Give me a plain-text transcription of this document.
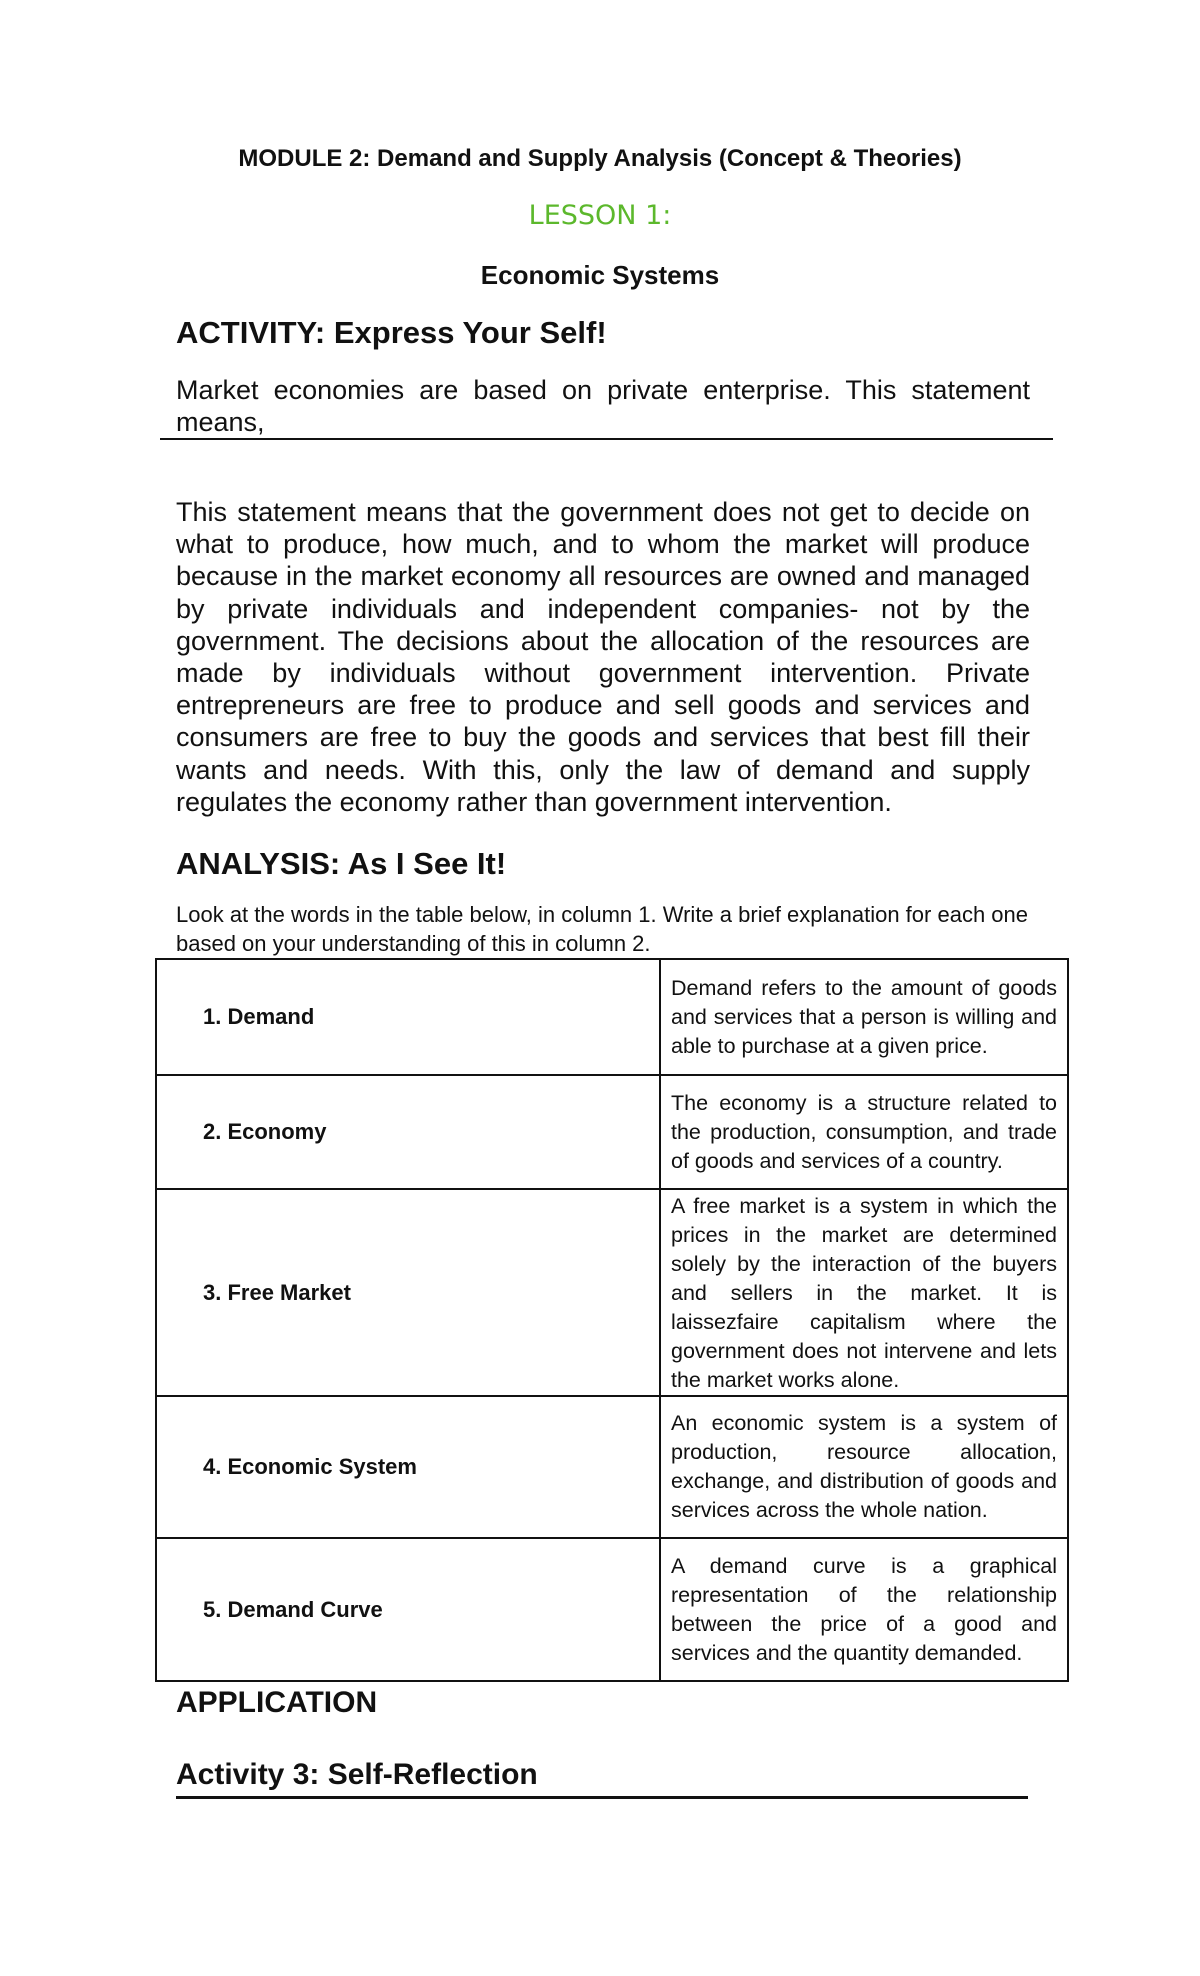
MODULE 2: Demand and Supply Analysis (Concept & Theories)
LESSON 1:
Economic Systems
ACTIVITY: Express Your Self!
Market economies are based on private enterprise. This statement means,
This statement means that the government does not get to decide on what to produce, how much, and to whom the market will produce because in the market economy all resources are owned and managed by private individuals and independent companies- not by the government. The decisions about the allocation of the resources are made by individuals without government intervention. Private entrepreneurs are free to produce and sell goods and services and consumers are free to buy the goods and services that best fill their wants and needs. With this, only the law of demand and supply regulates the economy rather than government intervention.
ANALYSIS: As I See It!
Look at the words in the table below, in column 1. Write a brief explanation for each one based on your understanding of this in column 2.
1. Demand	Demand refers to the amount of goods and services that a person is willing and able to purchase at a given price.
2. Economy	The economy is a structure related to the production, consumption, and trade of goods and services of a country.
3. Free Market	A free market is a system in which the prices in the market are determined solely by the interaction of the buyers and sellers in the market. It is laissezfaire capitalism where the government does not intervene and lets the market works alone.
4. Economic System	An economic system is a system of production, resource allocation, exchange, and distribution of goods and services across the whole nation.
5. Demand Curve	A demand curve is a graphical representation of the relationship between the price of a good and services and the quantity demanded.
APPLICATION
Activity 3: Self-Reflection
